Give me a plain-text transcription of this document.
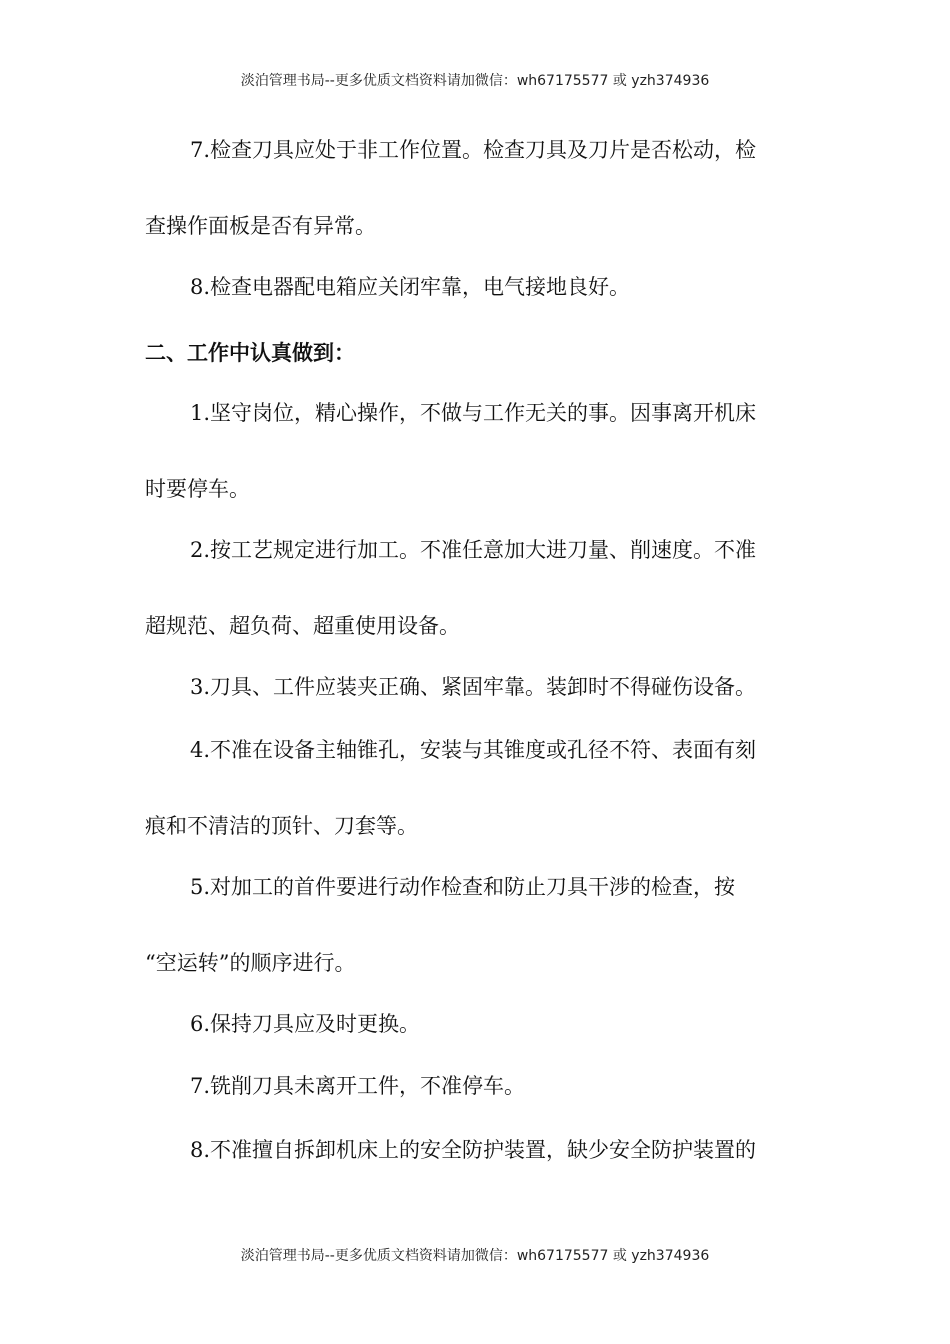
淡泊管理书局--更多优质文档资料请加微信：wh67175577 或 yzh374936
7.检查刀具应处于非工作位置。检查刀具及刀片是否松动，检
查操作面板是否有异常。
8.检查电器配电箱应关闭牢靠，电气接地良好。
二、工作中认真做到：
1.坚守岗位，精心操作，不做与工作无关的事。因事离开机床
时要停车。
2.按工艺规定进行加工。不准任意加大进刀量、削速度。不准
超规范、超负荷、超重使用设备。
3.刀具、工件应装夹正确、紧固牢靠。装卸时不得碰伤设备。
4.不准在设备主轴锥孔，安装与其锥度或孔径不符、表面有刻
痕和不清洁的顶针、刀套等。
5.对加工的首件要进行动作检查和防止刀具干涉的检查，按
“空运转”的顺序进行。
6.保持刀具应及时更换。
7.铣削刀具未离开工件，不准停车。
8.不准擅自拆卸机床上的安全防护装置，缺少安全防护装置的
淡泊管理书局--更多优质文档资料请加微信：wh67175577 或 yzh374936
